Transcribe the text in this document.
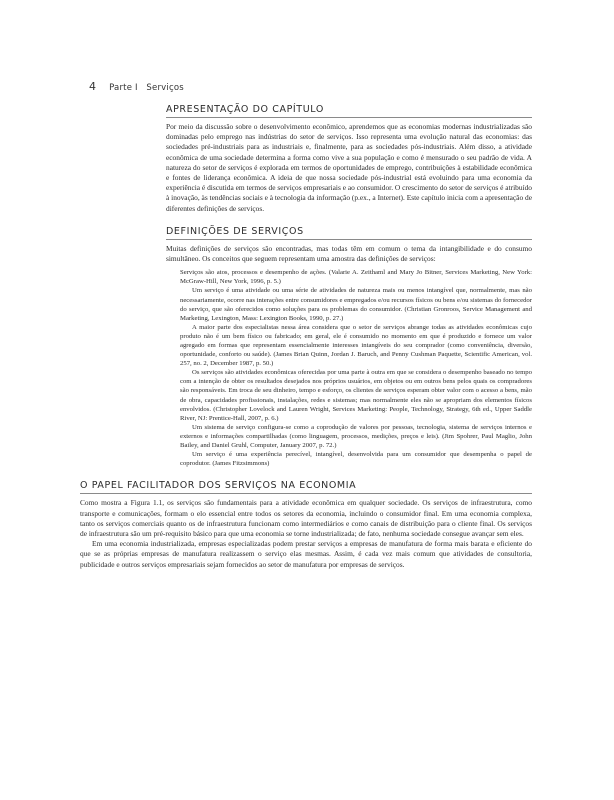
4 Parte I   Serviços
APRESENTAÇÃO DO CAPÍTULO

Por meio da discussão sobre o desenvolvimento econômico, aprendemos que as economias modernas industrializadas são dominadas pelo emprego nas indústrias do setor de serviços. Isso representa uma evolução natural das economias: das sociedades pré-industriais para as industriais e, finalmente, para as sociedades pós-industriais. Além disso, a atividade econômica de uma sociedade determina a forma como vive a sua população e como é mensurado o seu padrão de vida. A natureza do setor de serviços é explorada em termos de oportunidades de emprego, contribuições à estabilidade econômica e fontes de liderança econômica. A ideia de que nossa sociedade pós-industrial está evoluindo para uma economia da experiência é discutida em termos de serviços empresariais e ao consumidor. O crescimento do setor de serviços é atribuído à inovação, às tendências sociais e à tecnologia da informação (p.ex., a Internet). Este capítulo inicia com a apresentação de diferentes definições de serviços.

DEFINIÇÕES DE SERVIÇOS

Muitas definições de serviços são encontradas, mas todas têm em comum o tema da intangibilidade e do consumo simultâneo. Os conceitos que seguem representam uma amostra das definições de serviços:

Serviços são atos, processos e desempenho de ações. (Valarie A. Zeithaml and Mary Jo Bitner, Services Marketing, New York: McGraw-Hill, New York, 1996, p. 5.)

Um serviço é uma atividade ou uma série de atividades de natureza mais ou menos intangível que, normalmente, mas não necessariamente, ocorre nas interações entre consumidores e empregados e/ou recursos físicos ou bens e/ou sistemas do fornecedor do serviço, que são oferecidos como soluções para os problemas do consumidor. (Christian Gronroos, Service Management and Marketing, Lexington, Mass: Lexington Books, 1990, p. 27.)

A maior parte dos especialistas nessa área considera que o setor de serviços abrange todas as atividades econômicas cujo produto não é um bem físico ou fabricado; em geral, ele é consumido no momento em que é produzido e fornece um valor agregado em formas que representam essencialmente interesses intangíveis do seu comprador (como conveniência, diversão, oportunidade, conforto ou saúde). (James Brian Quinn, Jordan J. Baruch, and Penny Cushman Paquette, Scientific American, vol. 257, no. 2, December 1987, p. 50.)

Os serviços são atividades econômicas oferecidas por uma parte à outra em que se considera o desempenho baseado no tempo com a intenção de obter os resultados desejados nos próprios usuários, em objetos ou em outros bens pelos quais os compradores são responsáveis. Em troca de seu dinheiro, tempo e esforço, os clientes de serviços esperam obter valor com o acesso a bens, mão de obra, capacidades profissionais, instalações, redes e sistemas; mas normalmente eles não se apropriam dos elementos físicos envolvidos. (Christopher Lovelock and Lauren Wright, Services Marketing: People, Technology, Strategy, 6th ed., Upper Saddle River, NJ: Prentice-Hall, 2007, p. 6.)

Um sistema de serviço configura-se como a coprodução de valores por pessoas, tecnologia, sistema de serviços internos e externos e informações compartilhadas (como linguagem, processos, medições, preços e leis). (Jim Spohrer, Paul Maglio, John Bailey, and Daniel Gruhl, Computer, January 2007, p. 72.)

Um serviço é uma experiência perecível, intangível, desenvolvida para um consumidor que desempenha o papel de coprodutor. (James Fitzsimmons)

O PAPEL FACILITADOR DOS SERVIÇOS NA ECONOMIA

Como mostra a Figura 1.1, os serviços são fundamentais para a atividade econômica em qualquer sociedade. Os serviços de infraestrutura, como transporte e comunicações, formam o elo essencial entre todos os setores da economia, incluindo o consumidor final. Em uma economia complexa, tanto os serviços comerciais quanto os de infraestrutura funcionam como intermediários e como canais de distribuição para o cliente final. Os serviços de infraestrutura são um pré-requisito básico para que uma economia se torne industrializada; de fato, nenhuma sociedade consegue avançar sem eles.

Em uma economia industrializada, empresas especializadas podem prestar serviços a empresas de manufatura de forma mais barata e eficiente do que se as próprias empresas de manufatura realizassem o serviço elas mesmas. Assim, é cada vez mais comum que atividades de consultoria, publicidade e outros serviços empresariais sejam fornecidos ao setor de manufatura por empresas de serviços.
